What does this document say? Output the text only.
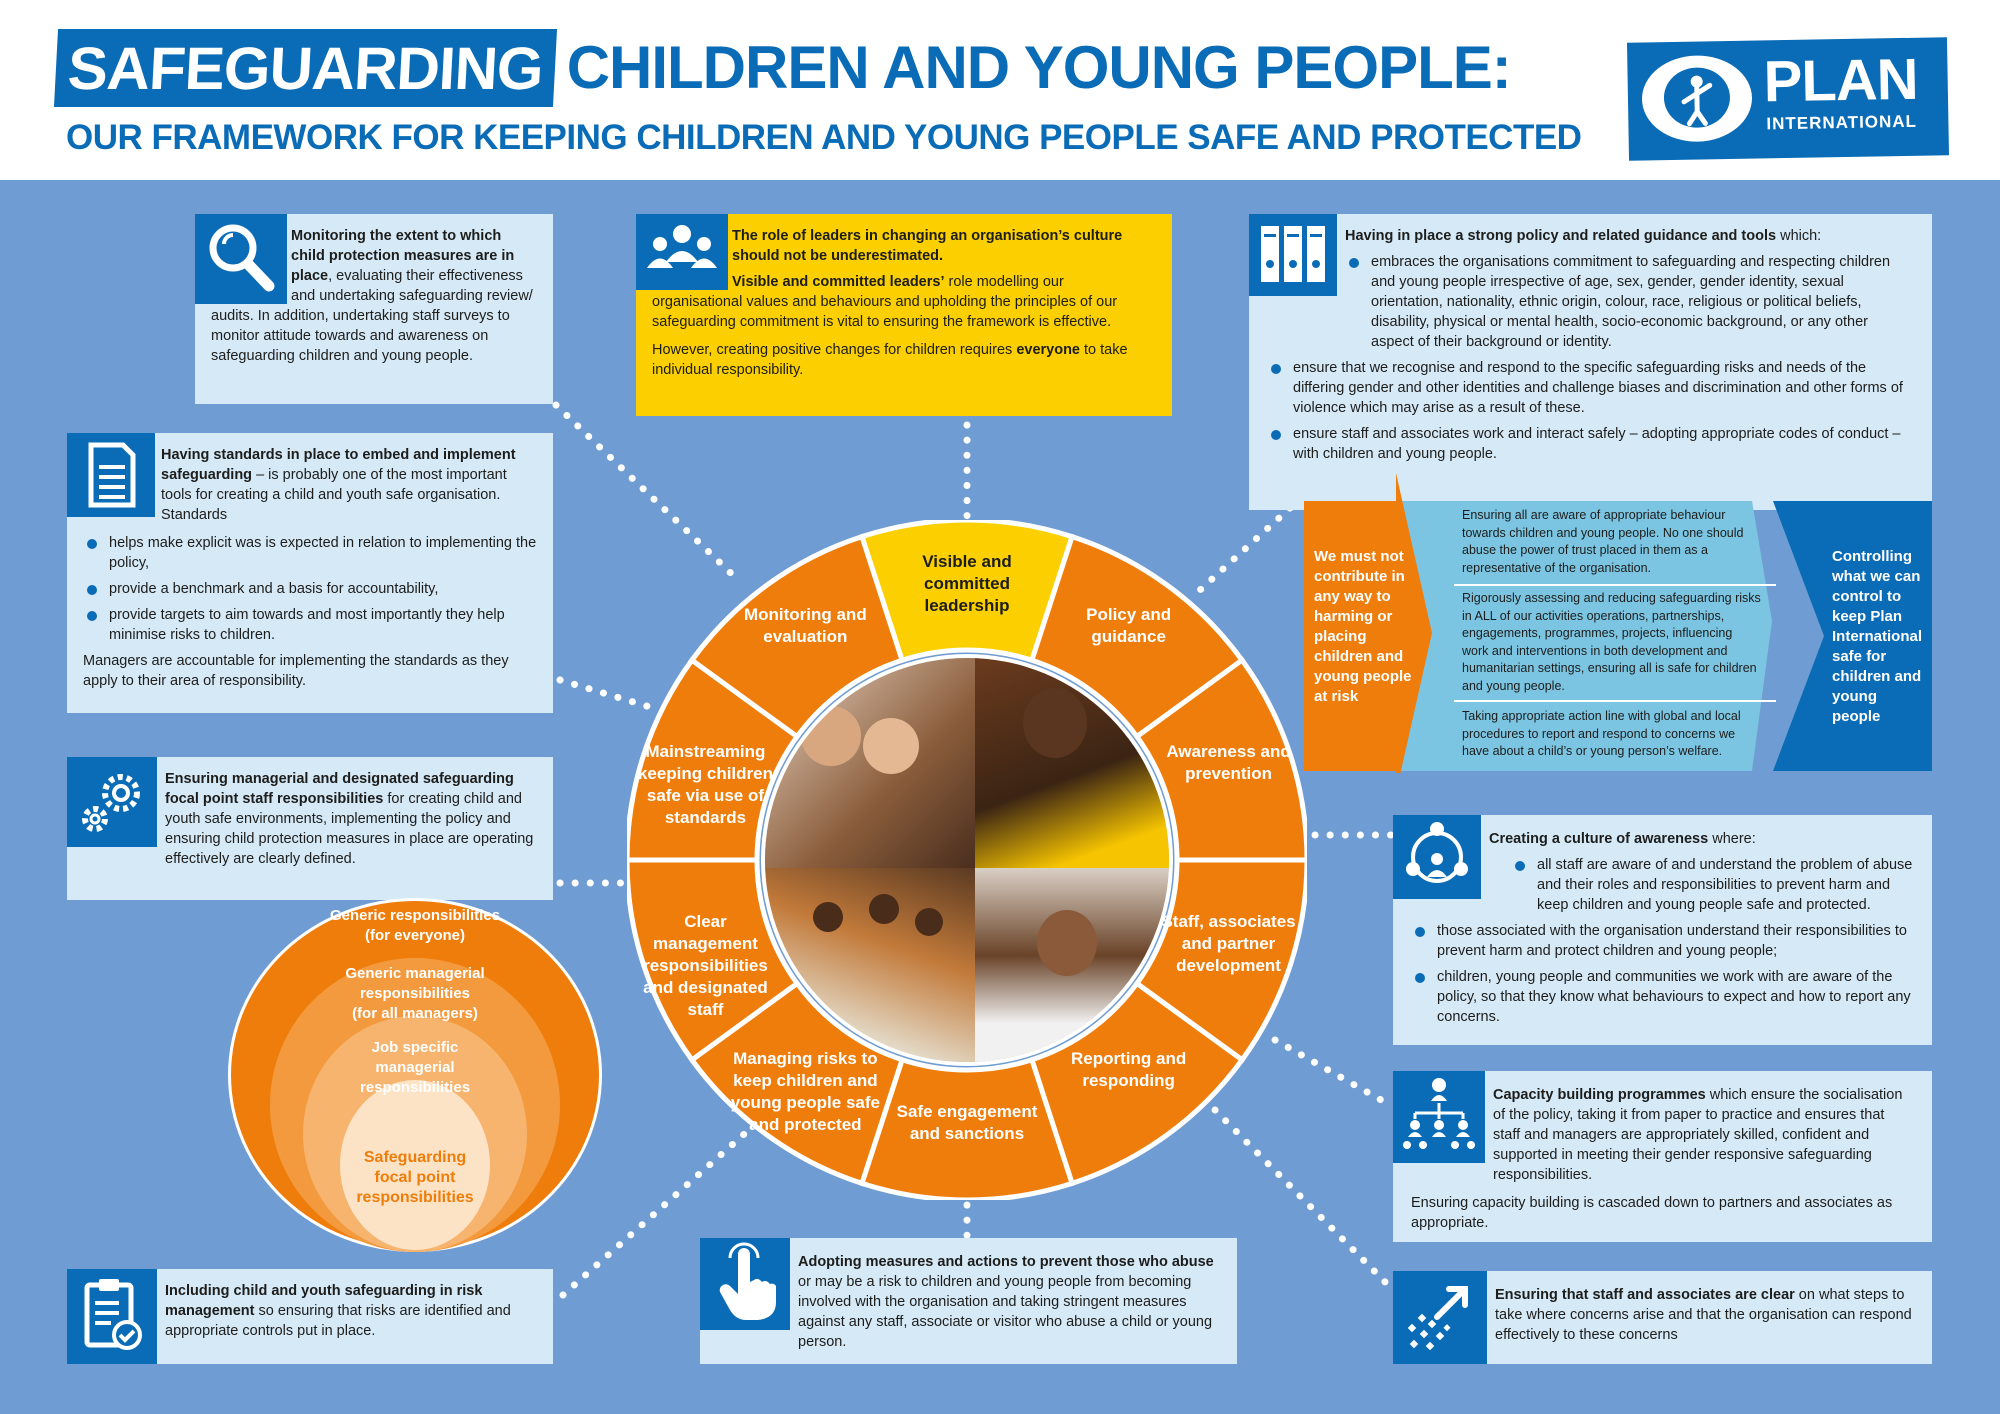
SAFEGUARDING CHILDREN AND YOUNG PEOPLE:
OUR FRAMEWORK FOR KEEPING CHILDREN AND YOUNG PEOPLE SAFE AND PROTECTED
PLAN
INTERNATIONAL

Monitoring the extent to which child protection measures are in place, evaluating their effectiveness and undertaking safeguarding review/ audits. In addition, undertaking staff surveys to monitor attitude towards and awareness on safeguarding children and young people.

The role of leaders in changing an organisation’s culture should not be underestimated.

Visible and committed leaders’ role modelling our organisational values and behaviours and upholding the principles of our safeguarding commitment is vital to ensuring the framework is effective.

However, creating positive changes for children requires everyone to take individual responsibility.

Having in place a strong policy and related guidance and tools which:

embraces the organisations commitment to safeguarding and respecting children and young people irrespective of age, sex, gender, gender identity, sexual orientation, nationality, ethnic origin, colour, race, religious or political beliefs, disability, physical or mental health, socio-economic background, or any other aspect of their background or identity.
ensure that we recognise and respond to the specific safeguarding risks and needs of the differing gender and other identities and challenge biases and discrimination and other forms of violence which may arise as a result of these.
ensure staff and associates work and interact safely – adopting appropriate codes of conduct – with children and young people.

Having standards in place to embed and implement safeguarding – is probably one of the most important tools for creating a child and youth safe organisation. Standards

helps make explicit was is expected in relation to implementing the policy,
provide a benchmark and a basis for accountability,
provide targets to aim towards and most importantly they help minimise risks to children.

Managers are accountable for implementing the standards as they apply to their area of responsibility.

Ensuring managerial and designated safeguarding focal point staff responsibilities for creating child and youth safe environments, implementing the policy and ensuring child protection measures in place are operating effectively are clearly defined.

Generic responsibilities
(for everyone)
Generic managerial responsibilities
(for all managers)
Job specific managerial responsibilities
Safeguarding focal point responsibilities

Including child and youth safeguarding in risk management so ensuring that risks are identified and appropriate controls put in place.

Adopting measures and actions to prevent those who abuse or may be a risk to children and young people from becoming involved with the organisation and taking stringent measures against any staff, associate or visitor who abuse a child or young person.

We must not contribute in any way to harming or placing children and young people at risk
Ensuring all are aware of appropriate behaviour towards children and young people. No one should abuse the power of trust placed in them as a representative of the organisation.
Rigorously assessing and reducing safeguarding risks in ALL of our activities operations, partnerships, engagements, programmes, projects, influencing work and interventions in both development and humanitarian settings, ensuring all is safe for children and young people.
Taking appropriate action line with global and local procedures to report and respond to concerns we have about a child’s or young person’s welfare.
Controlling what we can control to keep Plan International safe for children and young people

Creating a culture of awareness where:

all staff are aware of and understand the problem of abuse and their roles and responsibilities to prevent harm and keep children and young people safe and protected.
those associated with the organisation understand their responsibilities to prevent harm and protect children and young people;
children, young people and communities we work with are aware of the policy, so that they know what behaviours to expect and how to report any concerns.

Capacity building programmes which ensure the socialisation of the policy, taking it from paper to practice and ensures that staff and managers are appropriately skilled, confident and supported in meeting their gender responsive safeguarding responsibilities.

Ensuring capacity building is cascaded down to partners and associates as appropriate.

Ensuring that staff and associates are clear on what steps to take where concerns arise and that the organisation can respond effectively to these concerns

Visible and committed leadership	Policy and guidance
Awareness and prevention
Staff, associates and partner development
Reporting and responding
Safe engagement and sanctions
Managing risks to keep children and young people safe and protected
Clear management responsibilities and designated staff
Mainstreaming keeping children safe via use of standards
Monitoring and evaluation
